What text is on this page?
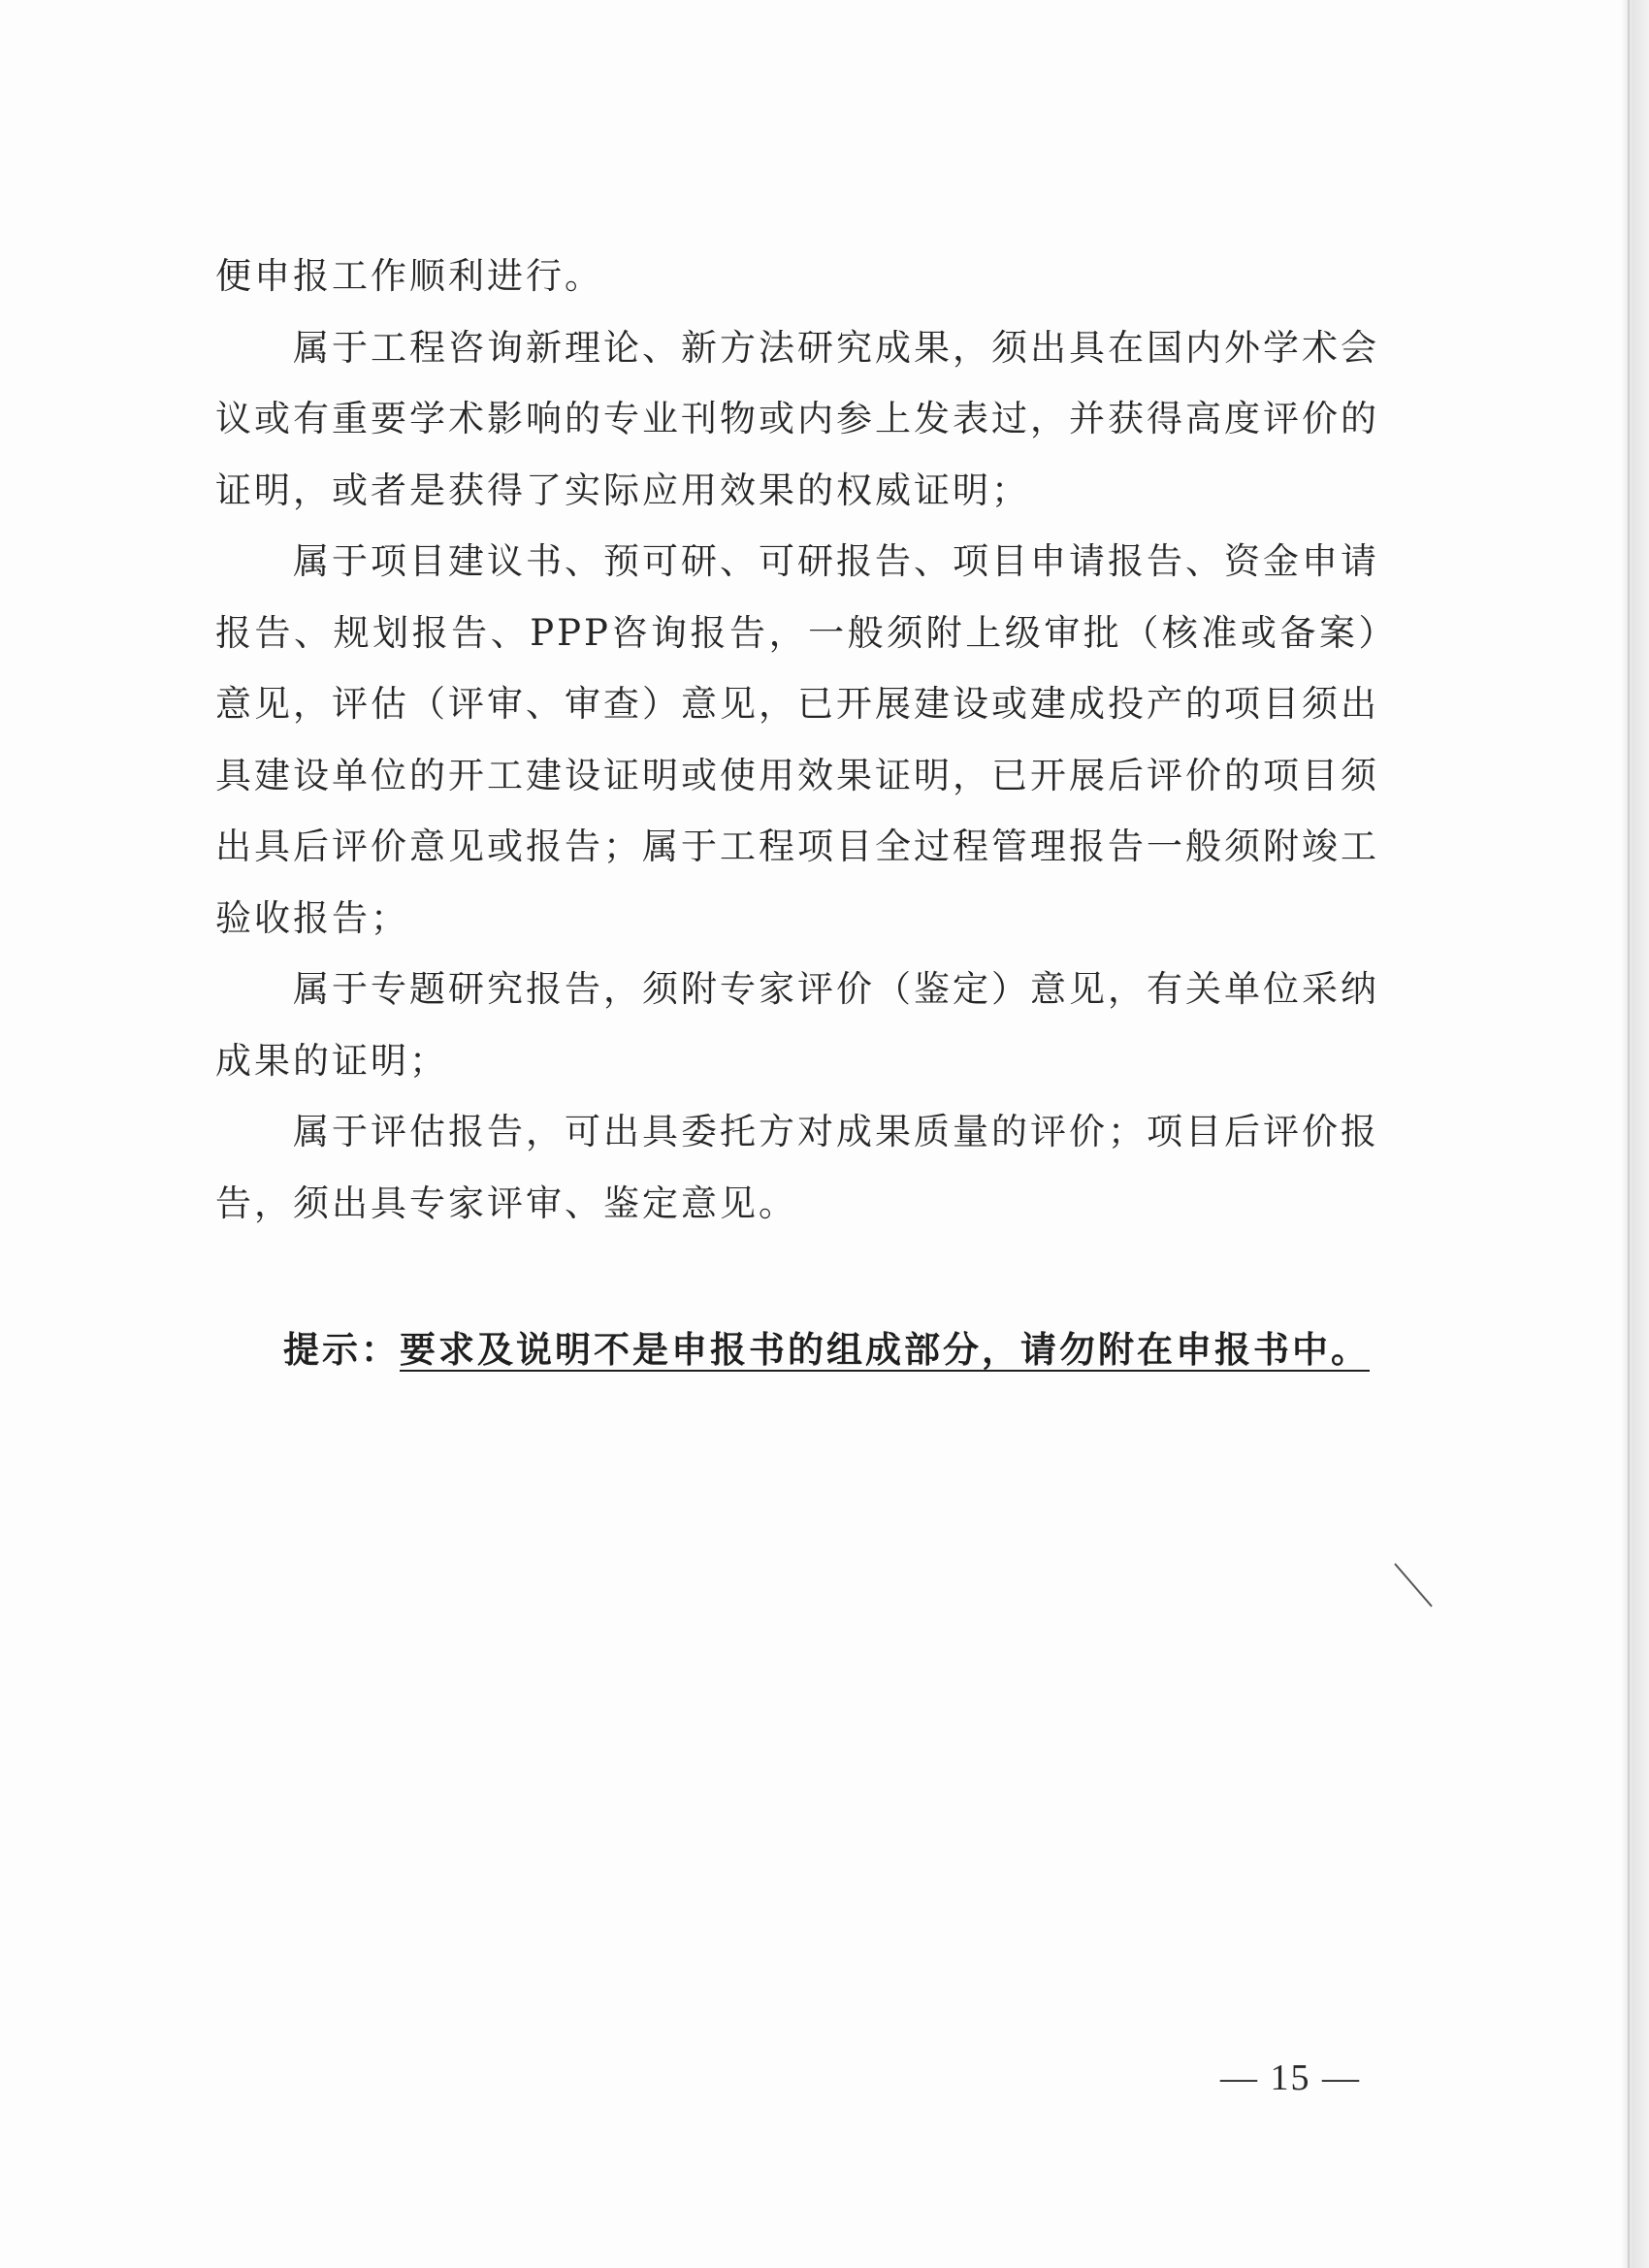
便申报工作顺利进行。

属于工程咨询新理论、新方法研究成果，须出具在国内外学术会议或有重要学术影响的专业刊物或内参上发表过，并获得高度评价的证明，或者是获得了实际应用效果的权威证明；

属于项目建议书、预可研、可研报告、项目申请报告、资金申请报告、规划报告、PPP咨询报告，一般须附上级审批（核准或备案）意见，评估（评审、审查）意见，已开展建设或建成投产的项目须出具建设单位的开工建设证明或使用效果证明，已开展后评价的项目须出具后评价意见或报告；属于工程项目全过程管理报告一般须附竣工验收报告；

属于专题研究报告，须附专家评价（鉴定）意见，有关单位采纳成果的证明；

属于评估报告，可出具委托方对成果质量的评价；项目后评价报告，须出具专家评审、鉴定意见。

提示：要求及说明不是申报书的组成部分，请勿附在申报书中。
— 15 —
